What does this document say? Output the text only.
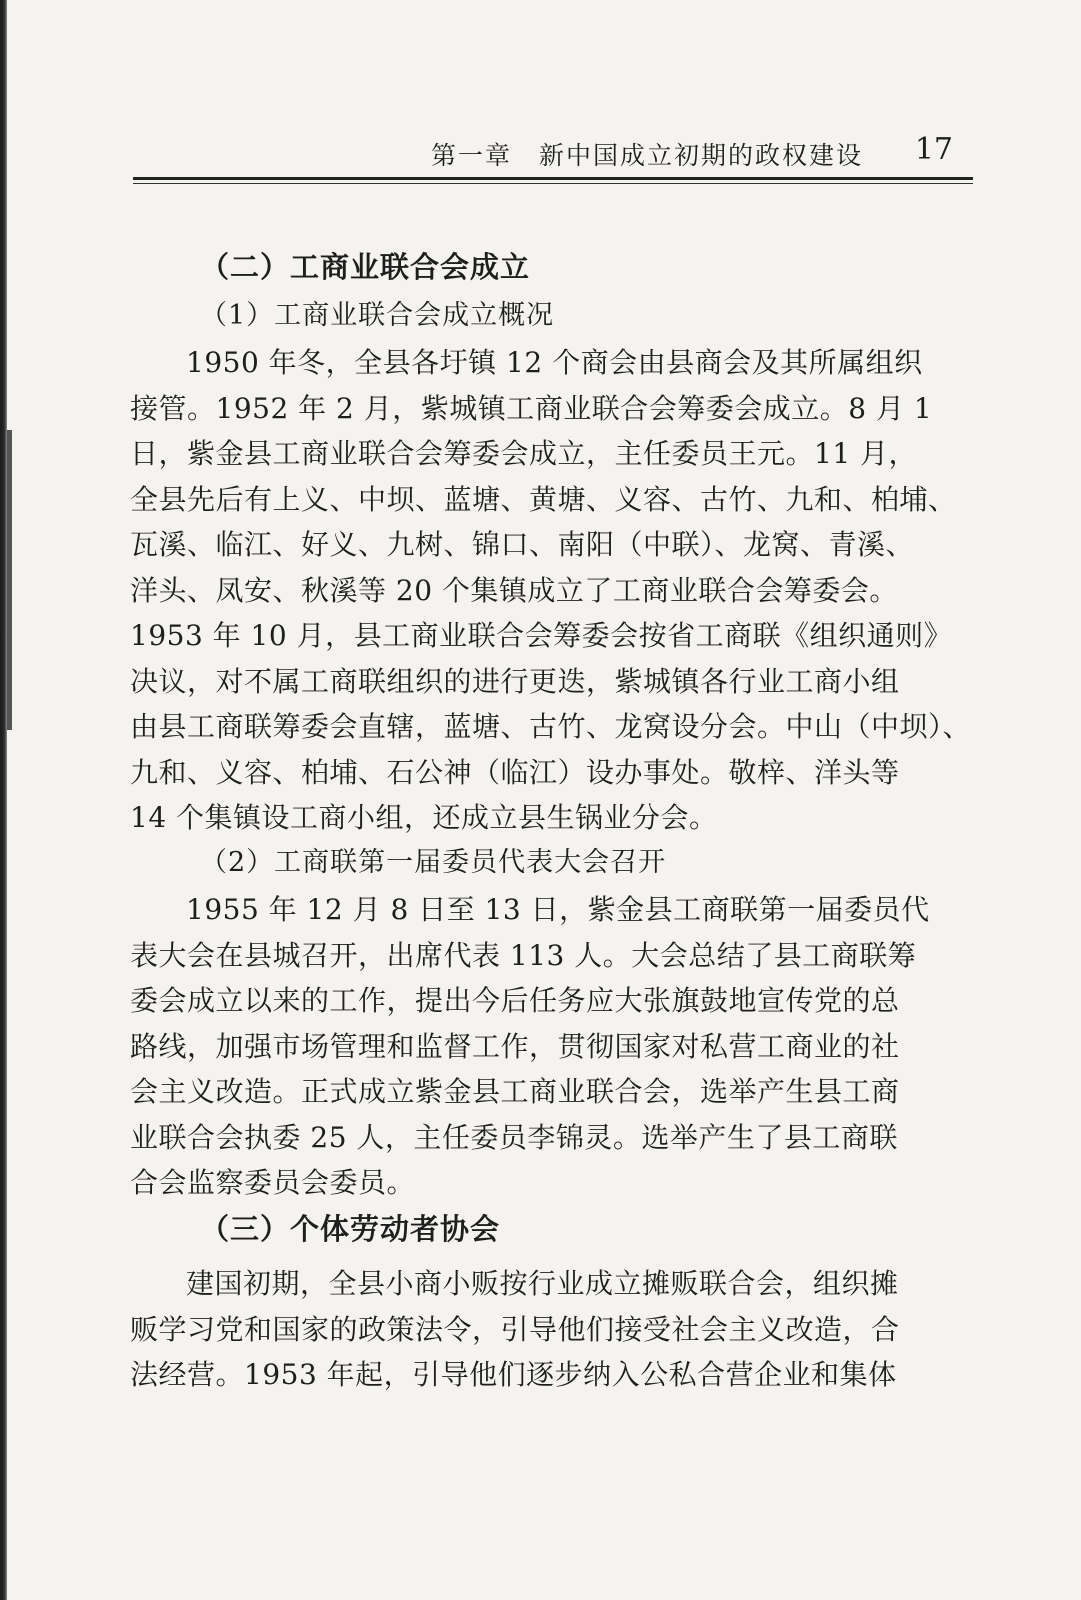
第一章　新中国成立初期的政权建设 17
（二）工商业联合会成立
（1）工商业联合会成立概况
1950 年冬，全县各圩镇 12 个商会由县商会及其所属组织
接管。1952 年 2 月，紫城镇工商业联合会筹委会成立。8 月 1
日，紫金县工商业联合会筹委会成立，主任委员王元。11 月，
全县先后有上义、中坝、蓝塘、黄塘、义容、古竹、九和、柏埔、
瓦溪、临江、好义、九树、锦口、南阳（中联）、龙窝、青溪、
洋头、凤安、秋溪等 20 个集镇成立了工商业联合会筹委会。
1953 年 10 月，县工商业联合会筹委会按省工商联《组织通则》
决议，对不属工商联组织的进行更迭，紫城镇各行业工商小组
由县工商联筹委会直辖，蓝塘、古竹、龙窝设分会。中山（中坝）、
九和、义容、柏埔、石公神（临江）设办事处。敬梓、洋头等
14 个集镇设工商小组，还成立县生锅业分会。
（2）工商联第一届委员代表大会召开
1955 年 12 月 8 日至 13 日，紫金县工商联第一届委员代
表大会在县城召开，出席代表 113 人。大会总结了县工商联筹
委会成立以来的工作，提出今后任务应大张旗鼓地宣传党的总
路线，加强市场管理和监督工作，贯彻国家对私营工商业的社
会主义改造。正式成立紫金县工商业联合会，选举产生县工商
业联合会执委 25 人，主任委员李锦灵。选举产生了县工商联
合会监察委员会委员。
（三）个体劳动者协会
建国初期，全县小商小贩按行业成立摊贩联合会，组织摊
贩学习党和国家的政策法令，引导他们接受社会主义改造，合
法经营。1953 年起，引导他们逐步纳入公私合营企业和集体
